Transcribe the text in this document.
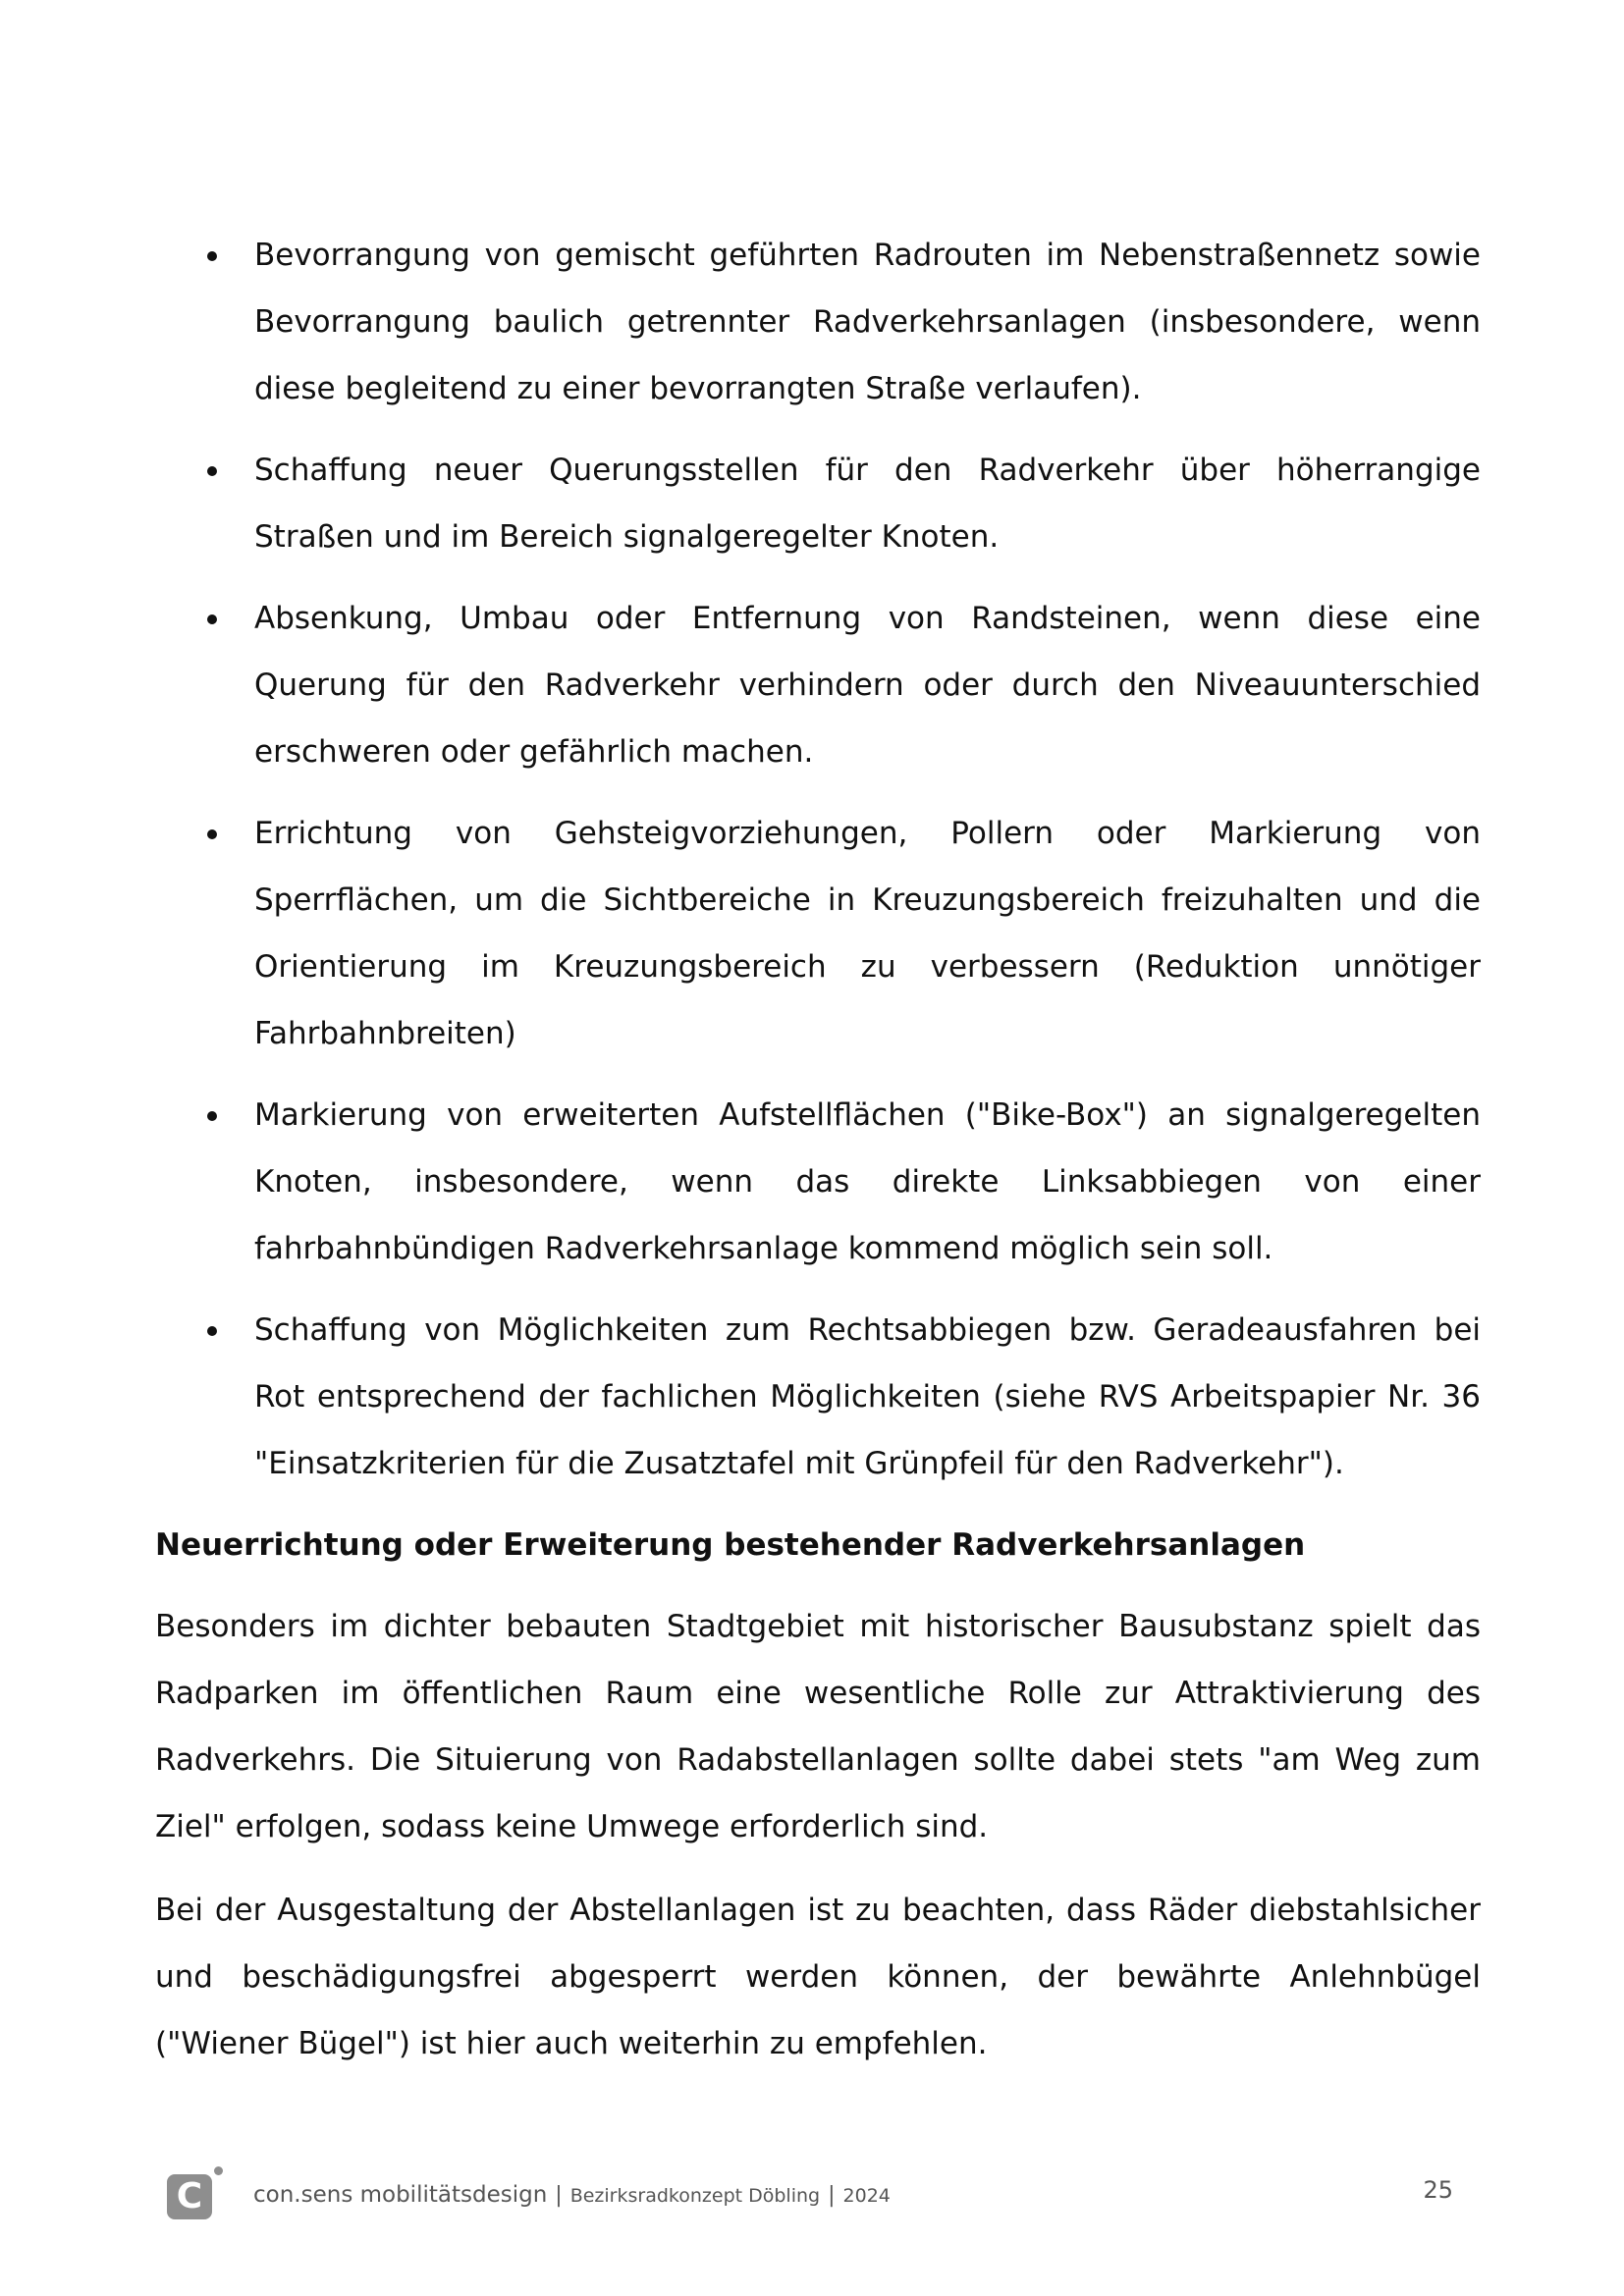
Bevorrangung von gemischt geführten Radrouten im Nebenstraßennetz sowie Bevorrangung baulich getrennter Radverkehrsanlagen (insbesondere, wenn diese begleitend zu einer bevorrangten Straße verlaufen).
Schaffung neuer Querungsstellen für den Radverkehr über höherrangige Straßen und im Bereich signalgeregelter Knoten.
Absenkung, Umbau oder Entfernung von Randsteinen, wenn diese eine Querung für den Radverkehr verhindern oder durch den Niveauunterschied erschweren oder gefährlich machen.
Errichtung von Gehsteigvorziehungen, Pollern oder Markierung von Sperrflächen, um die Sichtbereiche in Kreuzungsbereich freizuhalten und die Orientierung im Kreuzungsbereich zu verbessern (Reduktion unnötiger Fahrbahnbreiten)
Markierung von erweiterten Aufstellflächen ("Bike-Box") an signalgeregelten Knoten, insbesondere, wenn das direkte Linksabbiegen von einer fahrbahnbündigen Radverkehrsanlage kommend möglich sein soll.
Schaffung von Möglichkeiten zum Rechtsabbiegen bzw. Geradeausfahren bei Rot entsprechend der fachlichen Möglichkeiten (siehe RVS Arbeitspapier Nr. 36 "Einsatzkriterien für die Zusatztafel mit Grünpfeil für den Radverkehr").
Neuerrichtung oder Erweiterung bestehender Radverkehrsanlagen

Besonders im dichter bebauten Stadtgebiet mit historischer Bausubstanz spielt das Radparken im öffentlichen Raum eine wesentliche Rolle zur Attraktivierung des Radverkehrs. Die Situierung von Radabstellanlagen sollte dabei stets "am Weg zum Ziel" erfolgen, sodass keine Umwege erforderlich sind.

Bei der Ausgestaltung der Abstellanlagen ist zu beachten, dass Räder diebstahlsicher und beschädigungsfrei abgesperrt werden können, der bewährte Anlehnbügel ("Wiener Bügel") ist hier auch weiterhin zu empfehlen.

C	con.sens mobilitätsdesign | Bezirksradkonzept Döbling | 2024	25
